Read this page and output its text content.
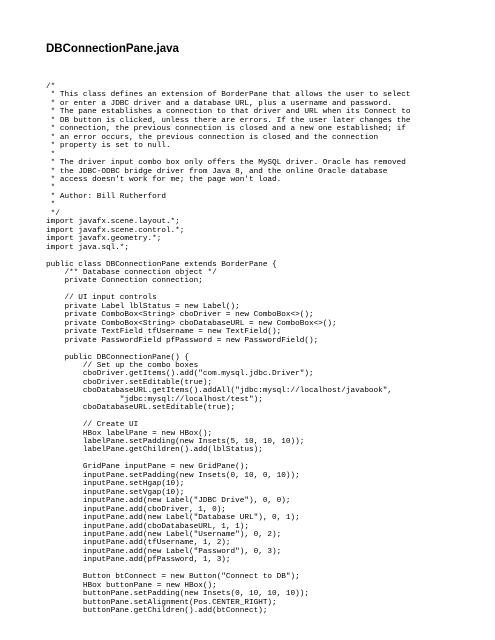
DBConnectionPane.java
/*
* This class defines an extension of BorderPane that allows the user to select
* or enter a JDBC driver and a database URL, plus a username and password.
* The pane establishes a connection to that driver and URL when its Connect to
* DB button is clicked, unless there are errors. If the user later changes the
* connection, the previous connection is closed and a new one established; if
* an error occurs, the previous connection is closed and the connection
* property is set to null.
*
* The driver input combo box only offers the MySQL driver. Oracle has removed
* the JDBC-ODBC bridge driver from Java 8, and the online Oracle database
* access doesn't work for me; the page won't load.
*
* Author: Bill Rutherford
*
*/
import javafx.scene.layout.*;
import javafx.scene.control.*;
import javafx.geometry.*;
import java.sql.*;

public class DBConnectionPane extends BorderPane {
/** Database connection object */
private Connection connection;

// UI input controls
private Label lblStatus = new Label();
private ComboBox<String> cboDriver = new ComboBox<>();
private ComboBox<String> cboDatabaseURL = new ComboBox<>();
private TextField tfUsername = new TextField();
private PasswordField pfPassword = new PasswordField();

public DBConnectionPane() {
// Set up the combo boxes
cboDriver.getItems().add("com.mysql.jdbc.Driver");
cboDriver.setEditable(true);
cboDatabaseURL.getItems().addAll("jdbc:mysql://localhost/javabook",
"jdbc:mysql://localhost/test");
cboDatabaseURL.setEditable(true);

// Create UI
HBox labelPane = new HBox();
labelPane.setPadding(new Insets(5, 10, 10, 10));
labelPane.getChildren().add(lblStatus);

GridPane inputPane = new GridPane();
inputPane.setPadding(new Insets(0, 10, 0, 10));
inputPane.setHgap(10);
inputPane.setVgap(10);
inputPane.add(new Label("JDBC Drive"), 0, 0);
inputPane.add(cboDriver, 1, 0);
inputPane.add(new Label("Database URL"), 0, 1);
inputPane.add(cboDatabaseURL, 1, 1);
inputPane.add(new Label("Username"), 0, 2);
inputPane.add(tfUsername, 1, 2);
inputPane.add(new Label("Password"), 0, 3);
inputPane.add(pfPassword, 1, 3);

Button btConnect = new Button("Connect to DB");
HBox buttonPane = new HBox();
buttonPane.setPadding(new Insets(0, 10, 10, 10));
buttonPane.setAlignment(Pos.CENTER_RIGHT);
buttonPane.getChildren().add(btConnect);
